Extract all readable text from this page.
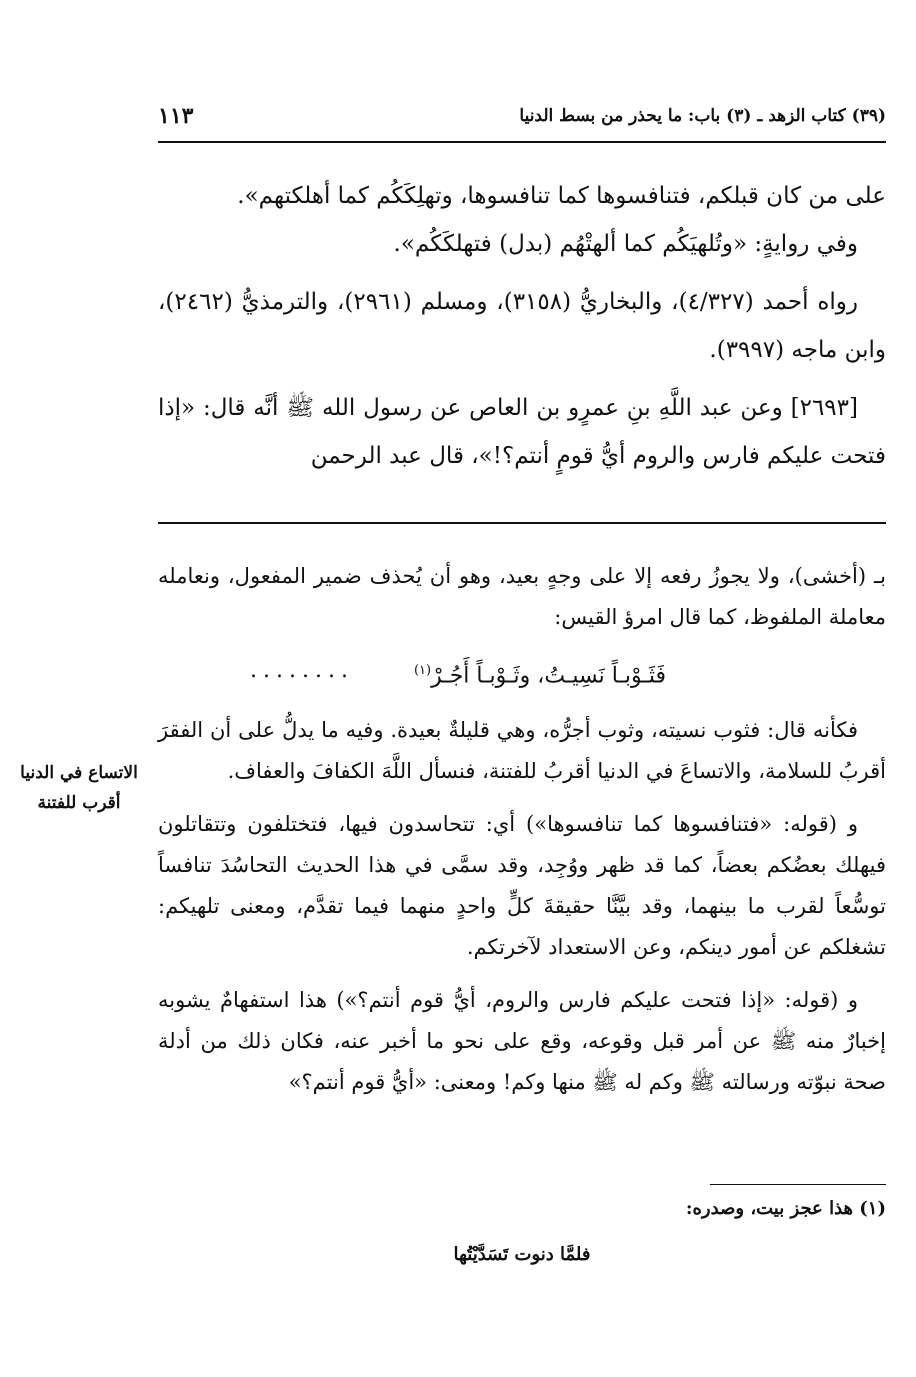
(٣٩) كتاب الزهد ـ (٣) باب: ما يحذر من بسط الدنيا
١١٣

على من كان قبلكم، فتنافسوها كما تنافسوها، وتهلِكَكُم كما أهلكتهم».

وفي روايةٍ: «وتُلهيَكُم كما ألهتْهُم (بدل) فتهلكَكُم».

رواه أحمد (٤/٣٢٧)، والبخاريُّ (٣١٥٨)، ومسلم (٢٩٦١)، والترمذيُّ (٢٤٦٢)، وابن ماجه (٣٩٩٧).

[٢٦٩٣] وعن عبد اللَّهِ بنِ عمرٍو بن العاص عن رسول الله ﷺ أنَّه قال: «إذا فتحت عليكم فارس والروم أيُّ قومٍ أنتم؟!»، قال عبد الرحمن

بـ (أخشى)، ولا يجوزُ رفعه إلا على وجهٍ بعيد، وهو أن يُحذف ضمير المفعول، ونعامله معاملة الملفوظ، كما قال امرؤ القيس:

فَثَـوْبـاً نَسِيـتُ، وثَـوْبـاً أَجُـرْ$^{(١)}$
........

فكأنه قال: فثوب نسيته، وثوب أجرُّه، وهي قليلةٌ بعيدة. وفيه ما يدلُّ على أن الفقرَ أقربُ للسلامة، والاتساعَ في الدنيا أقربُ للفتنة، فنسأل اللَّهَ الكفافَ والعفاف.

و (قوله: «فتنافسوها كما تنافسوها») أي: تتحاسدون فيها، فتختلفون وتتقاتلون فيهلك بعضُكم بعضاً، كما قد ظهر ووُجِد، وقد سمَّى في هذا الحديث التحاسُدَ تنافساً توسُّعاً لقرب ما بينهما، وقد بيَّنَّا حقيقةَ كلٍّ واحدٍ منهما فيما تقدَّم، ومعنى تلهيكم: تشغلكم عن أمور دينكم، وعن الاستعداد لآخرتكم.

و (قوله: «إذا فتحت عليكم فارس والروم، أيُّ قوم أنتم؟») هذا استفهامٌ يشوبه إخبارٌ منه ﷺ عن أمر قبل وقوعه، وقع على نحو ما أخبر عنه، فكان ذلك من أدلة صحة نبوّته ورسالته ﷺ وكم له ﷺ منها وكم! ومعنى: «أيُّ قوم أنتم؟»

الاتساع في الدنيا أقرب للفتنة

(١) هذا عجز بيت، وصدره:

فلمَّا دنوت تَسَدَّيْتُها
